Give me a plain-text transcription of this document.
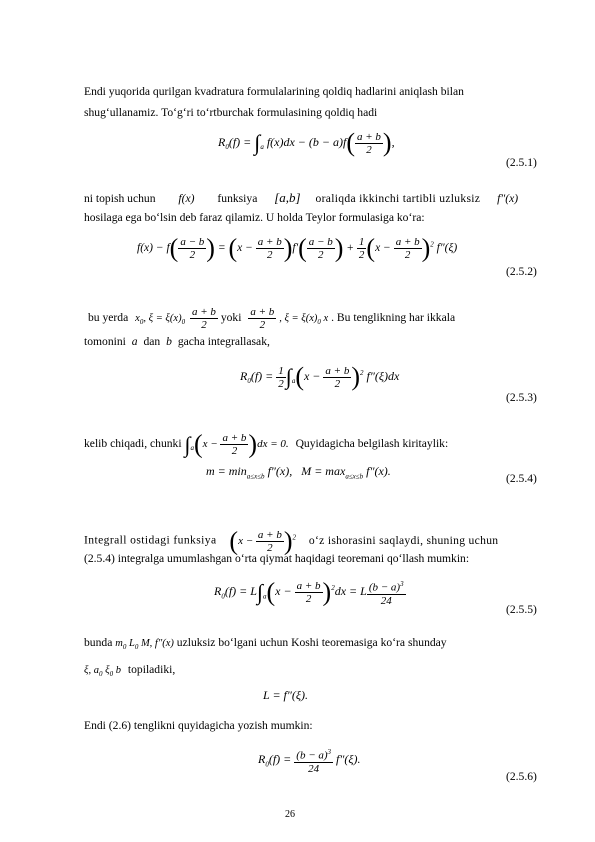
Endi yuqorida qurilgan kvadratura formulalarining qoldiq hadlarini aniqlash bilan
shug‘ullanamiz. To‘g‘ri to‘rtburchak formulasining qoldiq hadi
$R_0(f) = \int_a$ $f(x)dx - (b - a)f( \frac{a + b}{2}$ ),
(2.5.1)
ni topish uchun f(x) funksiya [a,b] oraliqda ikkinchi tartibli uzluksiz f″(x)
hosilaga ega bo‘lsin deb faraz qilamiz. U holda Teylor formulasiga ko‘ra:
$f(x) - f( \frac{a - b}{2}$ ) = $(x - \frac{a + b}{2} )f'( \frac{a - b}{2}$ ) + $\frac{1}{2} (x - \frac{a + b}{2} )^2$ f″(ξ)
(2.5.2)
bu yerda $x_0$, $\xi = \xi(x)_0 \frac{a + b}{2}$ yoki $\frac{a + b}{2}$ , $\xi = \xi(x)_0$ x . Bu tenglikning har ikkala
tomonini a dan b gacha integrallasak,
$R_0(f) = \frac{1}{2} \int_a(x - \frac{a + b}{2} )^2$ f″(ξ)dx
(2.5.3)
kelib chiqadi, chunki $\int_a(x - \frac{a + b}{2} )dx = 0$. Quyidagicha belgilash kiritaylik:
$m = \min_{a\le x\le b} f''(x)$,   $M = \max_{a\le x\le b} f''(x)$.
(2.5.4)
Integrall ostidagi funksiya $(x - \frac{a + b}{2} )^2$ o‘z ishorasini saqlaydi, shuning uchun
(2.5.4) integralga umumlashgan o‘rta qiymat haqidagi teoremani qo‘llash mumkin:
$R_0(f) = L\int_a(x - \frac{a + b}{2} )^2dx = L \frac{(b - a)^3}{24}$
(2.5.5)
bunda $m_0$ $L_0$ M, f″(x) uzluksiz bo‘lgani uchun Koshi teoremasiga ko‘ra shunday
ξ, $a_0$ $\xi_0$ b topiladiki,
L = f″(ξ).
Endi (2.6) tenglikni quyidagicha yozish mumkin:
$R_0(f) = \frac{(b - a)^3}{24} f''(\xi)$.
(2.5.6)
26
